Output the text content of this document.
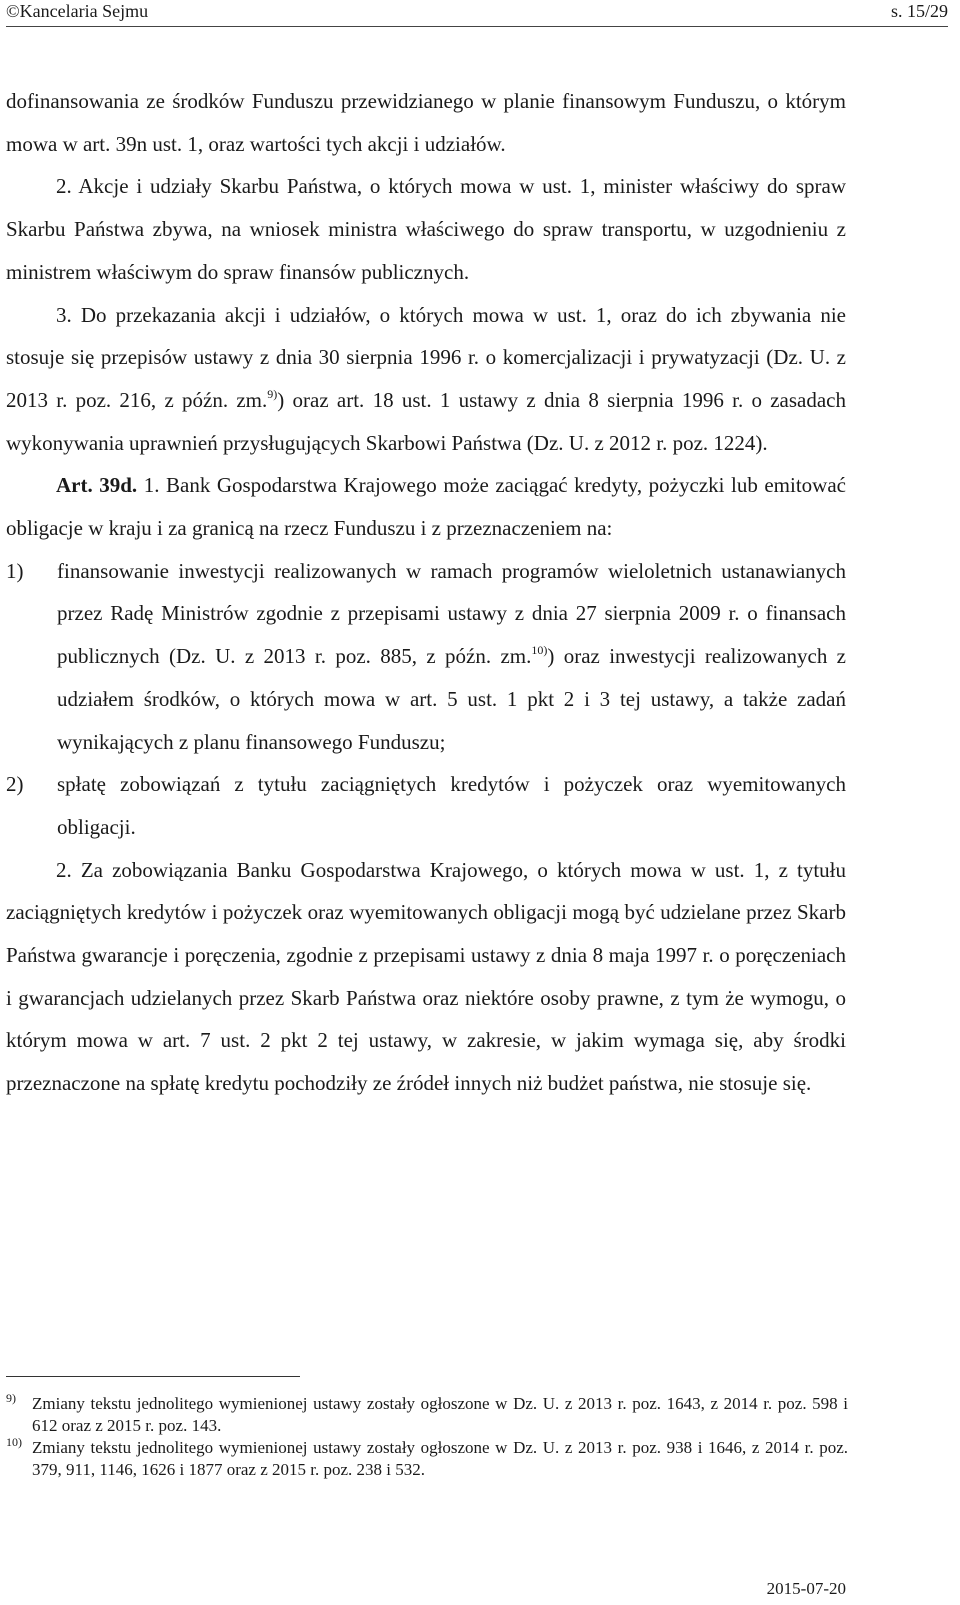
©Kancelaria Sejmu	s. 15/29

dofinansowania ze środków Funduszu przewidzianego w planie finansowym Funduszu, o którym mowa w art. 39n ust. 1, oraz wartości tych akcji i udziałów.

2. Akcje i udziały Skarbu Państwa, o których mowa w ust. 1, minister właściwy do spraw Skarbu Państwa zbywa, na wniosek ministra właściwego do spraw transportu, w uzgodnieniu z ministrem właściwym do spraw finansów publicznych.

3. Do przekazania akcji i udziałów, o których mowa w ust. 1, oraz do ich zbywania nie stosuje się przepisów ustawy z dnia 30 sierpnia 1996 r. o komercjalizacji i prywatyzacji (Dz. U. z 2013 r. poz. 216, z późn. zm.$^{9)}$) oraz art. 18 ust. 1 ustawy z dnia 8 sierpnia 1996 r. o zasadach wykonywania uprawnień przysługujących Skarbowi Państwa (Dz. U. z 2012 r. poz. 1224).

Art. 39d. 1. Bank Gospodarstwa Krajowego może zaciągać kredyty, pożyczki lub emitować obligacje w kraju i za granicą na rzecz Funduszu i z przeznaczeniem na:

1) finansowanie inwestycji realizowanych w ramach programów wieloletnich ustanawianych przez Radę Ministrów zgodnie z przepisami ustawy z dnia 27 sierpnia 2009 r. o finansach publicznych (Dz. U. z 2013 r. poz. 885, z późn. zm.$^{10)}$) oraz inwestycji realizowanych z udziałem środków, o których mowa w art. 5 ust. 1 pkt 2 i 3 tej ustawy, a także zadań wynikających z planu finansowego Funduszu;
2) spłatę zobowiązań z tytułu zaciągniętych kredytów i pożyczek oraz wyemitowanych obligacji.

2. Za zobowiązania Banku Gospodarstwa Krajowego, o których mowa w ust. 1, z tytułu zaciągniętych kredytów i pożyczek oraz wyemitowanych obligacji mogą być udzielane przez Skarb Państwa gwarancje i poręczenia, zgodnie z przepisami ustawy z dnia 8 maja 1997 r. o poręczeniach i gwarancjach udzielanych przez Skarb Państwa oraz niektóre osoby prawne, z tym że wymogu, o którym mowa w art. 7 ust. 2 pkt 2 tej ustawy, w zakresie, w jakim wymaga się, aby środki przeznaczone na spłatę kredytu pochodziły ze źródeł innych niż budżet państwa, nie stosuje się.

9) Zmiany tekstu jednolitego wymienionej ustawy zostały ogłoszone w Dz. U. z 2013 r. poz. 1643, z 2014 r. poz. 598 i 612 oraz z 2015 r. poz. 143.
10) Zmiany tekstu jednolitego wymienionej ustawy zostały ogłoszone w Dz. U. z 2013 r. poz. 938 i 1646, z 2014 r. poz. 379, 911, 1146, 1626 i 1877 oraz z 2015 r. poz. 238 i 532.
2015-07-20
